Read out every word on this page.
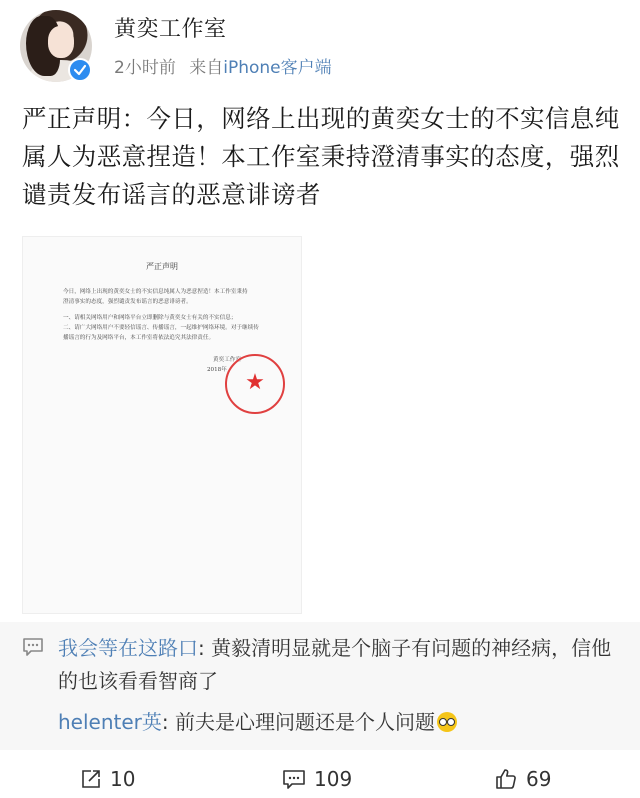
黄奕工作室
2小时前 来自iPhone客户端
严正声明：今日，网络上出现的黄奕女士的不实信息纯属人为恶意捏造！本工作室秉持澄清事实的态度，强烈谴责发布谣言的恶意诽谤者
严正声明
今日，网络上出现的黄奕女士的不实信息纯属人为恶意捏造！本工作室秉持
澄清事实的态度，强烈谴责发布谣言的恶意诽谤者。
一、请相关网络用户和网络平台立即删除与黄奕女士有关的不实信息；
二、请广大网络用户不要轻信谣言、传播谣言，一起维护网络环境。对于继续传
播谣言的行为及网络平台，本工作室将依法追究其法律责任。
黄奕工作室
2018年 ★
我会等在这路口: 黄毅清明显就是个脑子有问题的神经病，信他的也该看看智商了
helenter英: 前夫是心理问题还是个人问题
10	109	69
